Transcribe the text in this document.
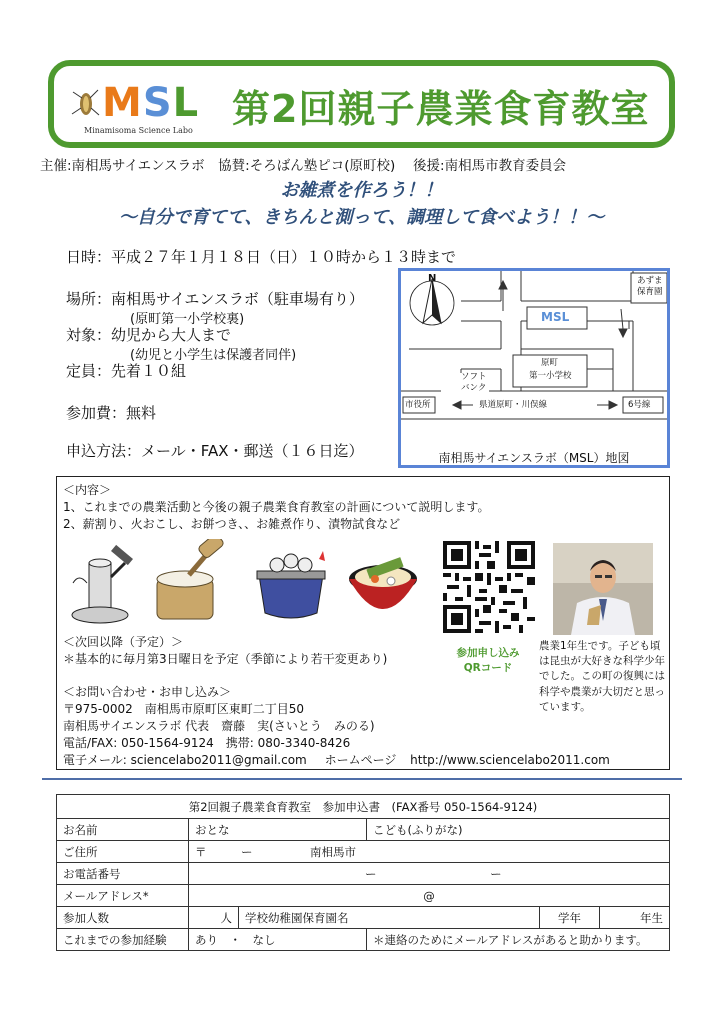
MSL
Minamisoma Science Labo 第2回親子農業食育教室
主催:南相馬サイエンスラボ　協賛:そろばん塾ピコ(原町校)　 後援:南相馬市教育委員会
お雑煮を作ろう！！
〜自分で育てて、きちんと測って、調理して食べよう！！〜
日時：平成２７年１月１８日（日）１０時から１３時まで
場所：南相馬サイエンスラボ（駐車場有り）
(原町第一小学校裏)
対象：幼児から大人まで
(幼児と小学生は保護者同伴)
定員：先着１０組
参加費：無料
申込方法：メール・FAX・郵送（１６日迄）
N	あずま
保育園
MSL
ソフト
バンク
原町
第一小学校
市役所	県道原町・川俣線	6号線
南相馬サイエンスラボ（MSL）地図
＜内容＞
1、これまでの農業活動と今後の親子農業食育教室の計画について説明します。
2、薪割り、火おこし、お餅つき、、お雑煮作り、漬物試食など
参加申し込み
QRコード
農業1年生です。子ども頃は昆虫が大好きな科学少年でした。この町の復興には科学や農業が大切だと思っています。
＜次回以降（予定）＞
＊基本的に毎月第3日曜日を予定（季節により若干変更あり)
＜お問い合わせ・お申し込み＞
〒975-0002　南相馬市原町区東町二丁目50
南相馬サイエンスラボ 代表　齋藤　実(さいとう　みのる)
電話/FAX: 050-1564-9124　携帯: 080-3340-8426
電子メール: sciencelabo2011@gmail.com ホームページ http://www.sciencelabo2011.com
第2回親子農業食育教室　参加申込書　(FAX番号 050-1564-9124)					
お名前	おとな		こども(ふりがな)		
ご住所	〒　　　ー　　　　　南相馬市				
お電話番号	ー ー				
メールアドレス*	@				
参加人数	人	学校幼稚園保育園名		学年	年生
これまでの参加経験	あり　・　なし		＊連絡のためにメールアドレスがあると助かります。		
